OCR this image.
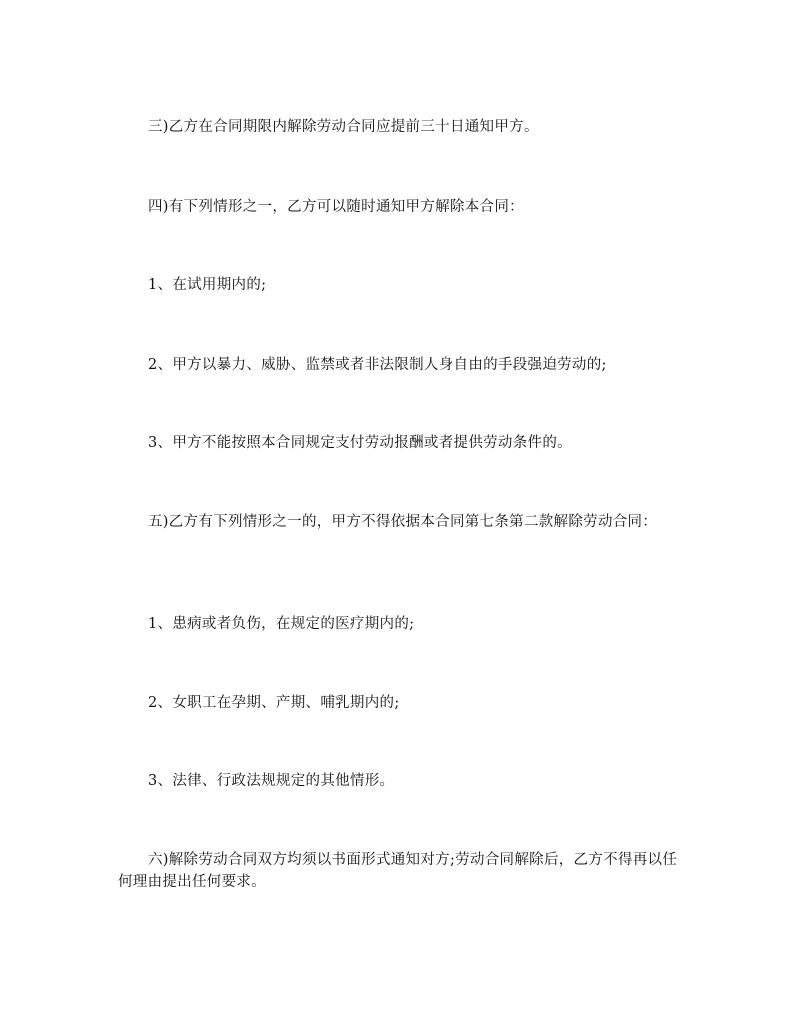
三)乙方在合同期限内解除劳动合同应提前三十日通知甲方。

四)有下列情形之一，乙方可以随时通知甲方解除本合同：

1、在试用期内的;

2、甲方以暴力、威胁、监禁或者非法限制人身自由的手段强迫劳动的;

3、甲方不能按照本合同规定支付劳动报酬或者提供劳动条件的。

五)乙方有下列情形之一的，甲方不得依据本合同第七条第二款解除劳动合同：

1、患病或者负伤，在规定的医疗期内的;

2、女职工在孕期、产期、哺乳期内的;

3、法律、行政法规规定的其他情形。

六)解除劳动合同双方均须以书面形式通知对方;劳动合同解除后，乙方不得再以任何理由提出任何要求。
